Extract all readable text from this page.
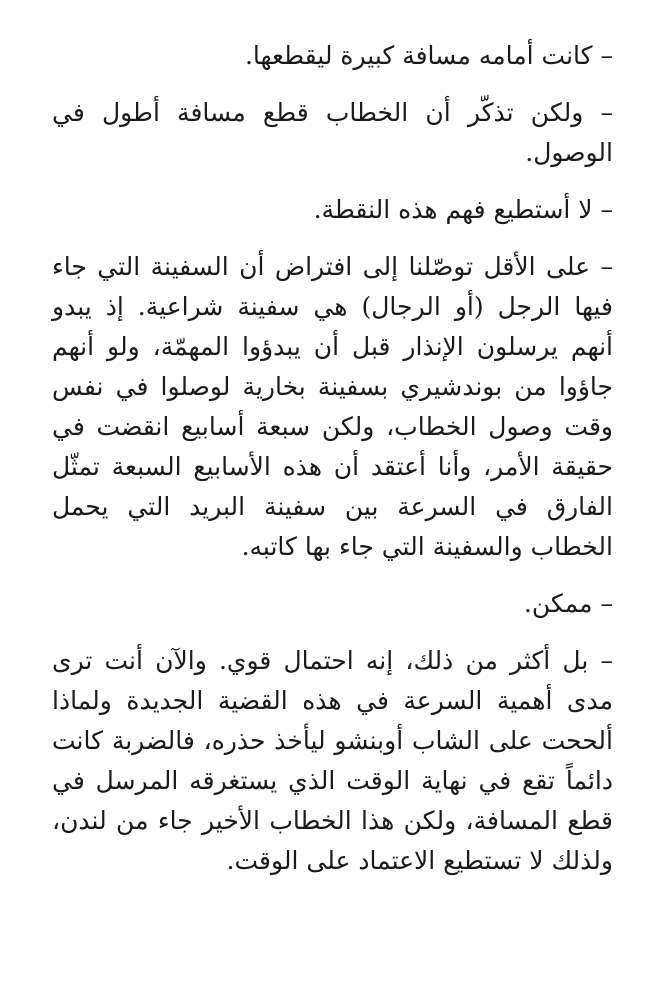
– كانت أمامه مسافة كبيرة ليقطعها.

– ولكن تذكّر أن الخطاب قطع مسافة أطول في الوصول.

– لا أستطيع فهم هذه النقطة.

– على الأقل توصّلنا إلى افتراض أن السفينة التي جاء فيها الرجل (أو الرجال) هي سفينة شراعية. إذ يبدو أنهم يرسلون الإنذار قبل أن يبدؤوا المهمّة، ولو أنهم جاؤوا من بوندشيري بسفينة بخارية لوصلوا في نفس وقت وصول الخطاب، ولكن سبعة أسابيع انقضت في حقيقة الأمر، وأنا أعتقد أن هذه الأسابيع السبعة تمثّل الفارق في السرعة بين سفينة البريد التي يحمل الخطاب والسفينة التي جاء بها كاتبه.

– ممكن.

– بل أكثر من ذلك، إنه احتمال قوي. والآن أنت ترى مدى أهمية السرعة في هذه القضية الجديدة ولماذا ألححت على الشاب أوبنشو ليأخذ حذره، فالضربة كانت دائماً تقع في نهاية الوقت الذي يستغرقه المرسل في قطع المسافة، ولكن هذا الخطاب الأخير جاء من لندن، ولذلك لا تستطيع الاعتماد على الوقت.
